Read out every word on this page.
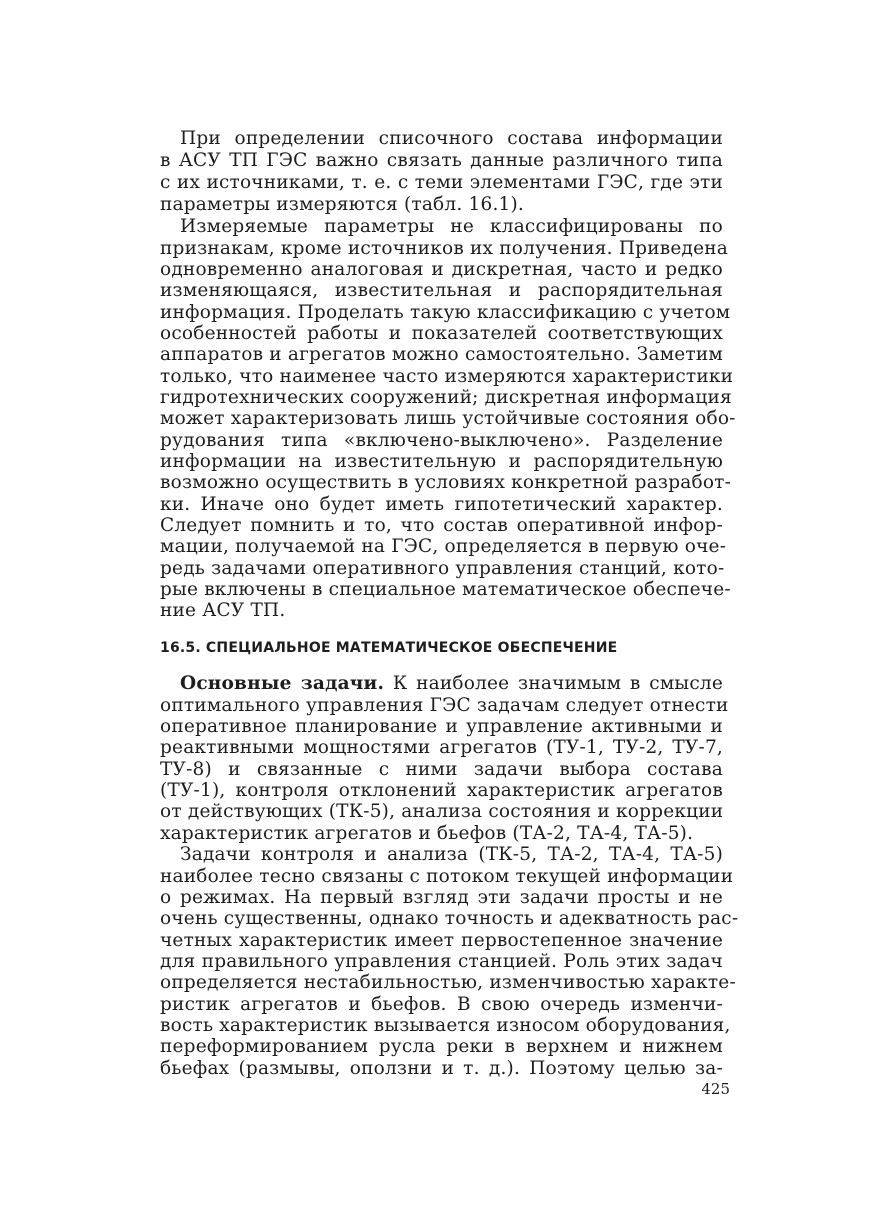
При определении списочного состава информации
в АСУ ТП ГЭС важно связать данные различного типа
с их источниками, т. е. с теми элементами ГЭС, где эти
параметры измеряются (табл. 16.1).
Измеряемые параметры не классифицированы по
признакам, кроме источников их получения. Приведена
одновременно аналоговая и дискретная, часто и редко
изменяющаяся, известительная и распорядительная
информация. Проделать такую классификацию с учетом
особенностей работы и показателей соответствующих
аппаратов и агрегатов можно самостоятельно. Заметим
только, что наименее часто измеряются характеристики
гидротехнических сооружений; дискретная информация
может характеризовать лишь устойчивые состояния обо-
рудования типа «включено-выключено». Разделение
информации на известительную и распорядительную
возможно осуществить в условиях конкретной разработ-
ки. Иначе оно будет иметь гипотетический характер.
Следует помнить и то, что состав оперативной инфор-
мации, получаемой на ГЭС, определяется в первую оче-
редь задачами оперативного управления станций, кото-
рые включены в специальное математическое обеспече-
ние АСУ ТП.
16.5. СПЕЦИАЛЬНОЕ МАТЕМАТИЧЕСКОЕ ОБЕСПЕЧЕНИЕ
Основные задачи. К наиболее значимым в смысле
оптимального управления ГЭС задачам следует отнести
оперативное планирование и управление активными и
реактивными мощностями агрегатов (ТУ-1, ТУ-2, ТУ-7,
ТУ-8) и связанные с ними задачи выбора состава
(ТУ-1), контроля отклонений характеристик агрегатов
от действующих (ТК-5), анализа состояния и коррекции
характеристик агрегатов и бьефов (ТА-2, ТА-4, ТА-5).
Задачи контроля и анализа (ТК-5, ТА-2, ТА-4, ТА-5)
наиболее тесно связаны с потоком текущей информации
о режимах. На первый взгляд эти задачи просты и не
очень существенны, однако точность и адекватность рас-
четных характеристик имеет первостепенное значение
для правильного управления станцией. Роль этих задач
определяется нестабильностью, изменчивостью характе-
ристик агрегатов и бьефов. В свою очередь изменчи-
вость характеристик вызывается износом оборудования,
переформированием русла реки в верхнем и нижнем
бьефах (размывы, оползни и т. д.). Поэтому целью за-
425
